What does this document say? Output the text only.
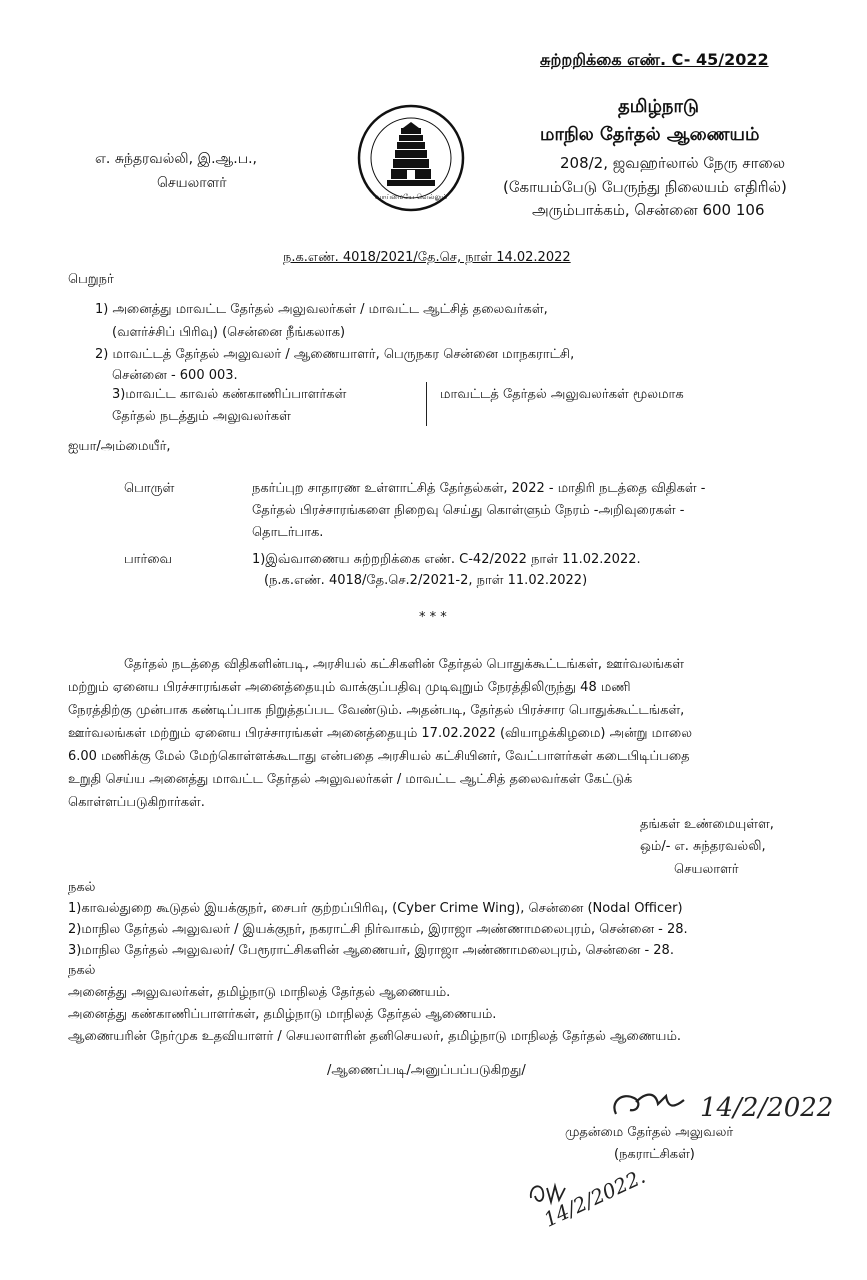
சுற்றறிக்கை எண். C- 45/2022
எ. சுந்தரவல்லி, இ.ஆ.ப.,
செயலாளர்
வாய்மையே வெல்லும்
தமிழ்நாடு
மாநில தேர்தல் ஆணையம்
208/2, ஜவஹர்லால் நேரு சாலை
(கோயம்பேடு பேருந்து நிலையம் எதிரில்)
அரும்பாக்கம், சென்னை 600 106
ந.க.எண். 4018/2021/தே.செ, நாள் 14.02.2022
பெறுநர்
1) அனைத்து மாவட்ட தேர்தல் அலுவலர்கள் / மாவட்ட ஆட்சித் தலைவர்கள்,
(வளர்ச்சிப் பிரிவு) (சென்னை நீங்கலாக)
2) மாவட்டத் தேர்தல் அலுவலர் / ஆணையாளர், பெருநகர சென்னை மாநகராட்சி,
சென்னை - 600 003.
3)மாவட்ட காவல் கண்காணிப்பாளர்கள்
தேர்தல் நடத்தும் அலுவலர்கள்
மாவட்டத் தேர்தல் அலுவலர்கள் மூலமாக
ஐயா/அம்மையீர்,
பொருள்	நகர்ப்புற சாதாரண உள்ளாட்சித் தேர்தல்கள், 2022 - மாதிரி நடத்தை விதிகள் -
தேர்தல் பிரச்சாரங்களை நிறைவு செய்து கொள்ளும் நேரம் -அறிவுரைகள் -
தொடர்பாக.
பார்வை	1)இவ்வாணைய சுற்றறிக்கை எண். C-42/2022 நாள் 11.02.2022.
(ந.க.எண். 4018/தே.செ.2/2021-2, நாள் 11.02.2022)
* * *
தேர்தல் நடத்தை விதிகளின்படி, அரசியல் கட்சிகளின் தேர்தல் பொதுக்கூட்டங்கள், ஊர்வலங்கள்
மற்றும் ஏனைய பிரச்சாரங்கள் அனைத்தையும் வாக்குப்பதிவு முடிவுறும் நேரத்திலிருந்து 48 மணி
நேரத்திற்கு முன்பாக கண்டிப்பாக நிறுத்தப்பட வேண்டும். அதன்படி, தேர்தல் பிரச்சார பொதுக்கூட்டங்கள்,
ஊர்வலங்கள் மற்றும் ஏனைய பிரச்சாரங்கள் அனைத்தையும் 17.02.2022 (வியாழக்கிழமை) அன்று மாலை
6.00 மணிக்கு மேல் மேற்கொள்ளக்கூடாது என்பதை அரசியல் கட்சியினர், வேட்பாளர்கள் கடைபிடிப்பதை
உறுதி செய்ய அனைத்து மாவட்ட தேர்தல் அலுவலர்கள் / மாவட்ட ஆட்சித் தலைவர்கள் கேட்டுக்
கொள்ளப்படுகிறார்கள்.
தங்கள் உண்மையுள்ள,
ஒம்/- எ. சுந்தரவல்லி,
செயலாளர்
நகல்
1)காவல்துறை கூடுதல் இயக்குநர், சைபர் குற்றப்பிரிவு, (Cyber Crime Wing), சென்னை (Nodal Officer)
2)மாநில தேர்தல் அலுவலர் / இயக்குநர், நகராட்சி நிர்வாகம், இராஜா அண்ணாமலைபுரம், சென்னை - 28.
3)மாநில தேர்தல் அலுவலர்/ பேரூராட்சிகளின் ஆணையர், இராஜா அண்ணாமலைபுரம், சென்னை - 28.
நகல்
அனைத்து அலுவலர்கள், தமிழ்நாடு மாநிலத் தேர்தல் ஆணையம்.
அனைத்து கண்காணிப்பாளர்கள், தமிழ்நாடு மாநிலத் தேர்தல் ஆணையம்.
ஆணையரின் நேர்முக உதவியாளர் / செயலாளரின் தனிசெயலர், தமிழ்நாடு மாநிலத் தேர்தல் ஆணையம்.
/ஆணைப்படி/அனுப்பப்படுகிறது/
14/2/2022
முதன்மை தேர்தல் அலுவலர்
(நகராட்சிகள்)
14/2/2022.
